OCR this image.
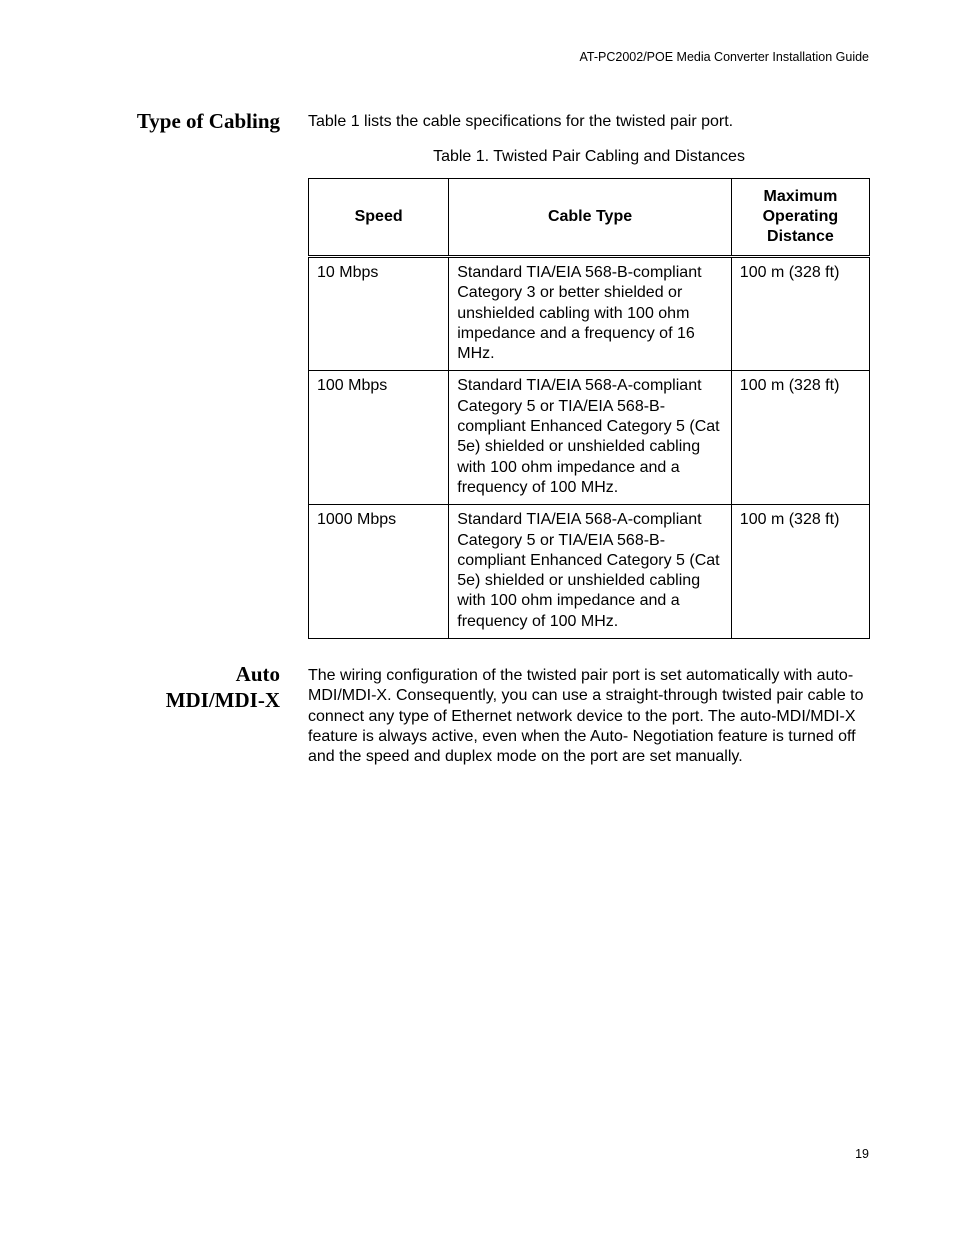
AT-PC2002/POE Media Converter Installation Guide
Type of Cabling Table 1 lists the cable specifications for the twisted pair port.

Table 1. Twisted Pair Cabling and Distances
Speed	Cable Type	Maximum
Operating
Distance
10 Mbps	Standard TIA/EIA 568-B-compliant Category 3 or better shielded or unshielded cabling with 100 ohm impedance and a frequency of 16 MHz.	100 m (328 ft)
100 Mbps	Standard TIA/EIA 568-A-compliant Category 5 or TIA/EIA 568-B-compliant Enhanced Category 5 (Cat 5e) shielded or unshielded cabling with 100 ohm impedance and a frequency of 100 MHz.	100 m (328 ft)
1000 Mbps	Standard TIA/EIA 568-A-compliant Category 5 or TIA/EIA 568-B-compliant Enhanced Category 5 (Cat 5e) shielded or unshielded cabling with 100 ohm impedance and a frequency of 100 MHz.	100 m (328 ft)
Auto
MDI/MDI-X

The wiring configuration of the twisted pair port is set automatically with auto-MDI/MDI-X. Consequently, you can use a straight-through twisted pair cable to connect any type of Ethernet network device to the port. The auto-MDI/MDI-X feature is always active, even when the Auto- Negotiation feature is turned off and the speed and duplex mode on the port are set manually.

19
